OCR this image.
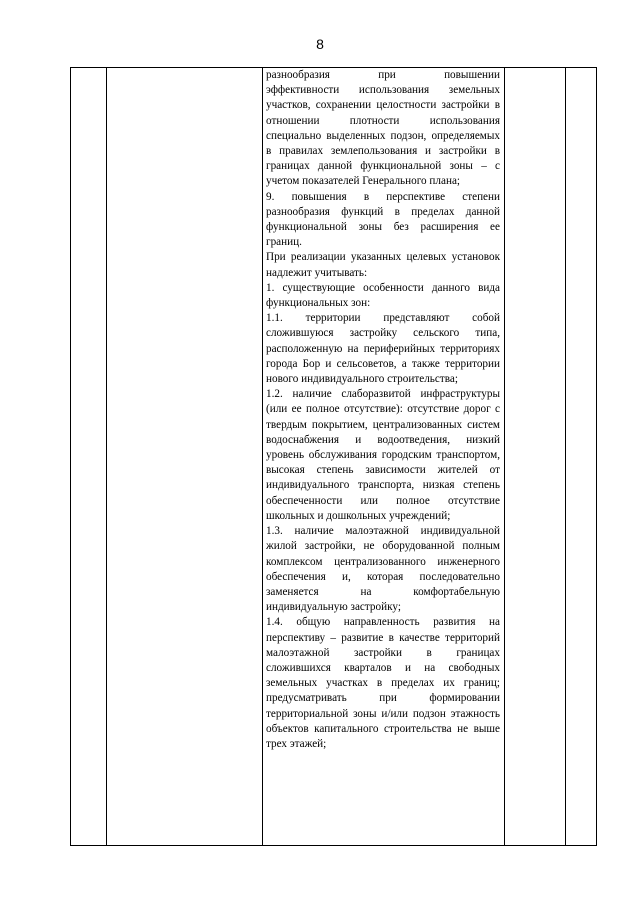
8

разнообразия при повышении

эффективности использования земельных участков, сохранении целостности застройки в отношении плотности использования специально выделенных подзон, определяемых в правилах землепользования и застройки в границах данной функциональной зоны – с учетом показателей Генерального плана;

9. повышения в перспективе степени разнообразия функций в пределах данной функциональной зоны без расширения ее границ.

При реализации указанных целевых установок надлежит учитывать:

1. существующие особенности данного вида функциональных зон:

1.1. территории представляют собой сложившуюся застройку сельского типа, расположенную на периферийных территориях города Бор и сельсоветов, а также территории нового индивидуального строительства;

1.2. наличие слаборазвитой инфраструктуры (или ее полное отсутствие): отсутствие дорог с твердым покрытием, централизованных систем водоснабжения и водоотведения, низкий уровень обслуживания городским транспортом, высокая степень зависимости жителей от индивидуального транспорта, низкая степень обеспеченности или полное отсутствие школьных и дошкольных учреждений;

1.3. наличие малоэтажной индивидуальной жилой застройки, не оборудованной полным комплексом централизованного инженерного обеспечения и, которая последовательно заменяется на комфортабельную индивидуальную застройку;

1.4. общую направленность развития на перспективу – развитие в качестве территорий малоэтажной застройки в границах сложившихся кварталов и на свободных земельных участках в пределах их границ; предусматривать при формировании территориальной зоны и/или подзон этажность объектов капитального строительства не выше трех этажей;
